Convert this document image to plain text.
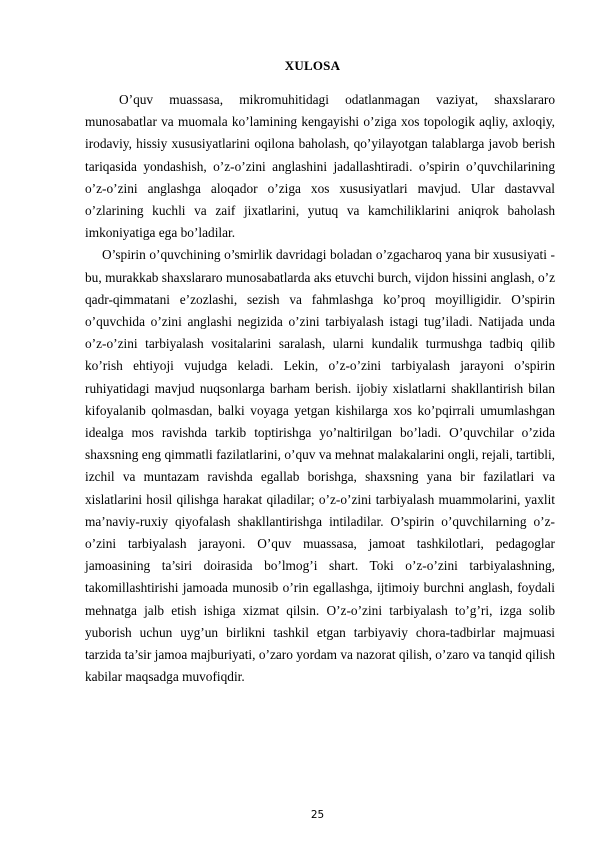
XULOSA

O’quv muassasa, mikromuhitidagi odatlanmagan vaziyat, shaxslararo munosabatlar va muomala ko’lamining kengayishi o’ziga xos topologik aqliy, axloqiy, irodaviy, hissiy xususiyatlarini oqilona baholash, qo’yilayotgan talablarga javob berish tariqasida yondashish, o’z-o’zini anglashini jadallashtiradi. o’spirin o’quvchilarining o’z-o’zini anglashga aloqador o’ziga xos xususiyatlari mavjud. Ular dastavval o’zlarining kuchli va zaif jixatlarini, yutuq va kamchiliklarini aniqrok baholash imkoniyatiga ega bo’ladilar.

O’spirin o’quvchining o’smirlik davridagi boladan o’zgacharoq yana bir xususiyati - bu, murakkab shaxslararo munosabatlarda aks etuvchi burch, vijdon hissini anglash, o’z qadr-qimmatani e’zozlashi, sezish va fahmlashga ko’proq moyilligidir. O’spirin o’quvchida o’zini anglashi negizida o’zini tarbiyalash istagi tug’iladi. Natijada unda o’z-o’zini tarbiyalash vositalarini saralash, ularni kundalik turmushga tadbiq qilib ko’rish ehtiyoji vujudga keladi. Lekin, o’z-o’zini tarbiyalash jarayoni o’spirin ruhiyatidagi mavjud nuqsonlarga barham berish. ijobiy xislatlarni shakllantirish bilan kifoyalanib qolmasdan, balki voyaga yetgan kishilarga xos ko’pqirrali umumlashgan idealga mos ravishda tarkib toptirishga yo’naltirilgan bo’ladi. O’quvchilar o’zida shaxsning eng qimmatli fazilatlarini, o’quv va mehnat malakalarini ongli, rejali, tartibli, izchil va muntazam ravishda egallab borishga, shaxsning yana bir fazilatlari va xislatlarini hosil qilishga harakat qiladilar; o’z-o’zini tarbiyalash muammolarini, yaxlit ma’naviy-ruxiy qiyofalash shakllantirishga intiladilar. O’spirin o’quvchilarning o’z-o’zini tarbiyalash jarayoni. O’quv muassasa, jamoat tashkilotlari, pedagoglar jamoasining ta’siri doirasida bo’lmog’i shart. Toki o’z-o’zini tarbiyalashning, takomillashtirishi jamoada munosib o’rin egallashga, ijtimoiy burchni anglash, foydali mehnatga jalb etish ishiga xizmat qilsin. O’z-o’zini tarbiyalash to’g’ri, izga solib yuborish uchun uyg’un birlikni tashkil etgan tarbiyaviy chora-tadbirlar majmuasi tarzida ta’sir jamoa majburiyati, o’zaro yordam va nazorat qilish, o’zaro va tanqid qilish kabilar maqsadga muvofiqdir.

25
